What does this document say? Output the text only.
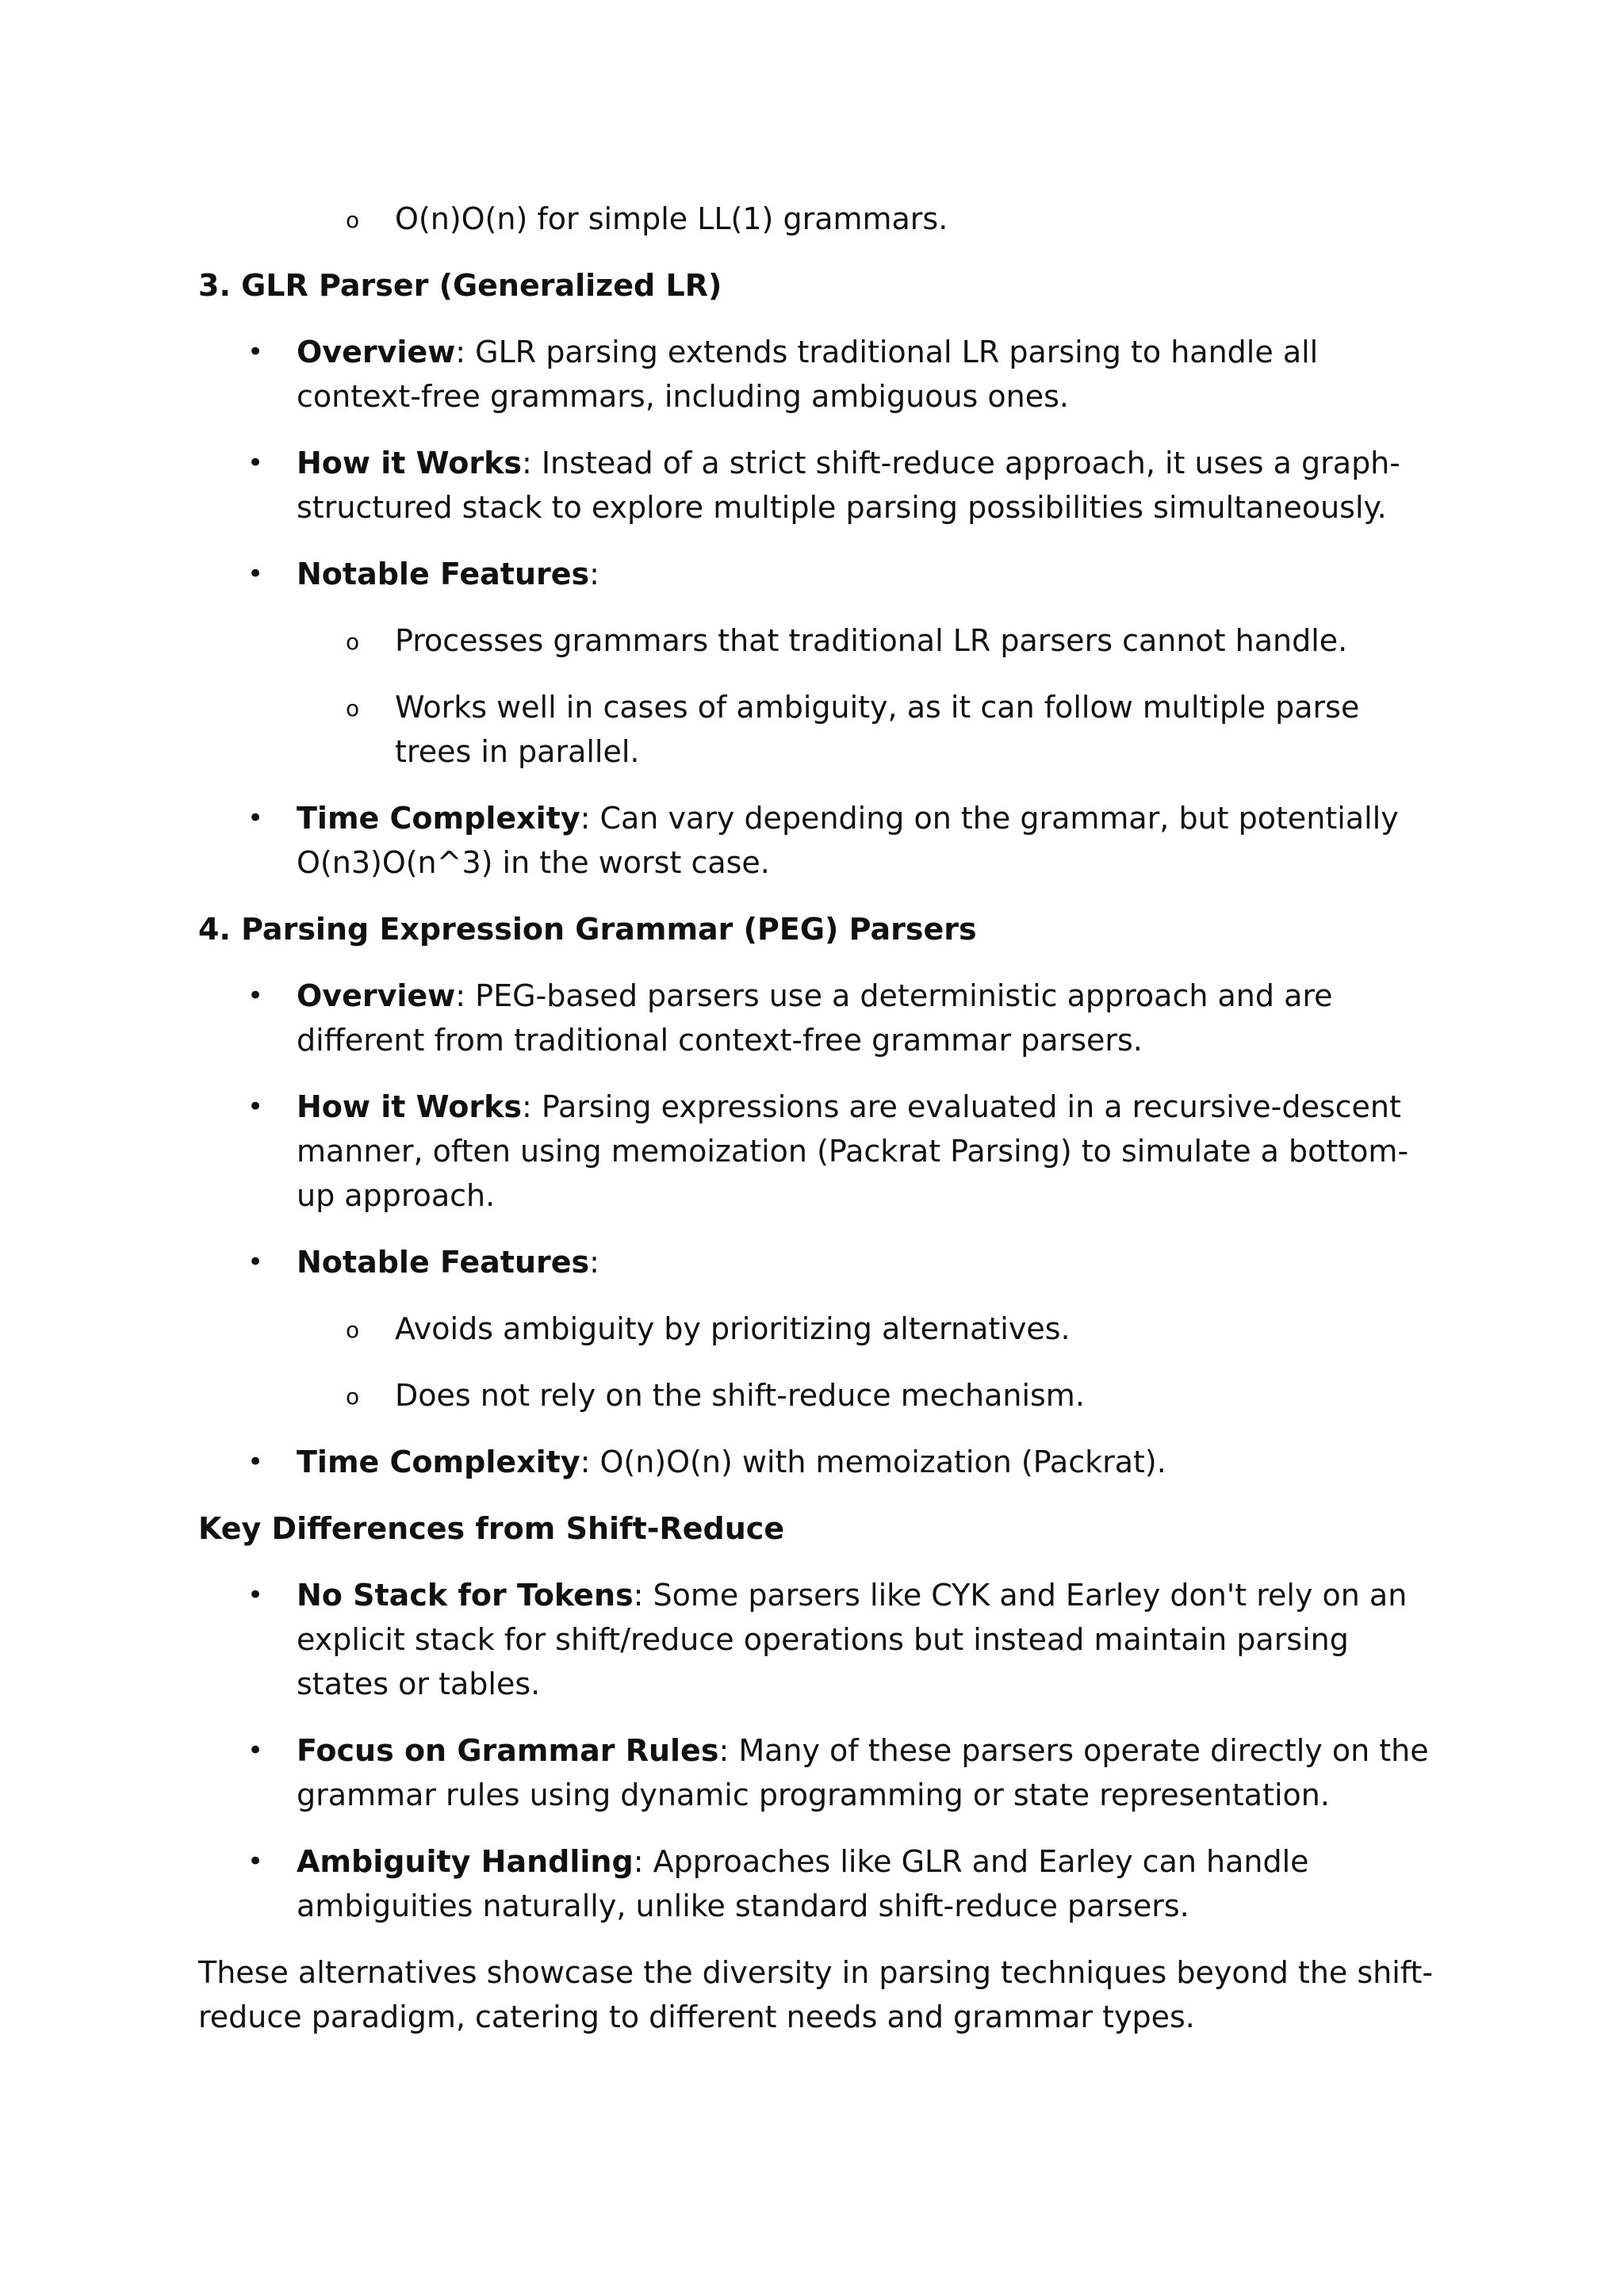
o O(n)O(n) for simple LL(1) grammars.
3. GLR Parser (Generalized LR)
• Overview: GLR parsing extends traditional LR parsing to handle all context-free grammars, including ambiguous ones.
• How it Works: Instead of a strict shift-reduce approach, it uses a graph-structured stack to explore multiple parsing possibilities simultaneously.
• Notable Features:
o Processes grammars that traditional LR parsers cannot handle.
o Works well in cases of ambiguity, as it can follow multiple parse trees in parallel.
• Time Complexity: Can vary depending on the grammar, but potentially O(n3)O(n^3) in the worst case.
4. Parsing Expression Grammar (PEG) Parsers
• Overview: PEG-based parsers use a deterministic approach and are different from traditional context-free grammar parsers.
• How it Works: Parsing expressions are evaluated in a recursive-descent manner, often using memoization (Packrat Parsing) to simulate a bottom-up approach.
• Notable Features:
o Avoids ambiguity by prioritizing alternatives.
o Does not rely on the shift-reduce mechanism.
• Time Complexity: O(n)O(n) with memoization (Packrat).
Key Differences from Shift-Reduce
• No Stack for Tokens: Some parsers like CYK and Earley don't rely on an explicit stack for shift/reduce operations but instead maintain parsing states or tables.
• Focus on Grammar Rules: Many of these parsers operate directly on the grammar rules using dynamic programming or state representation.
• Ambiguity Handling: Approaches like GLR and Earley can handle ambiguities naturally, unlike standard shift-reduce parsers.

These alternatives showcase the diversity in parsing techniques beyond the shift-reduce paradigm, catering to different needs and grammar types.
